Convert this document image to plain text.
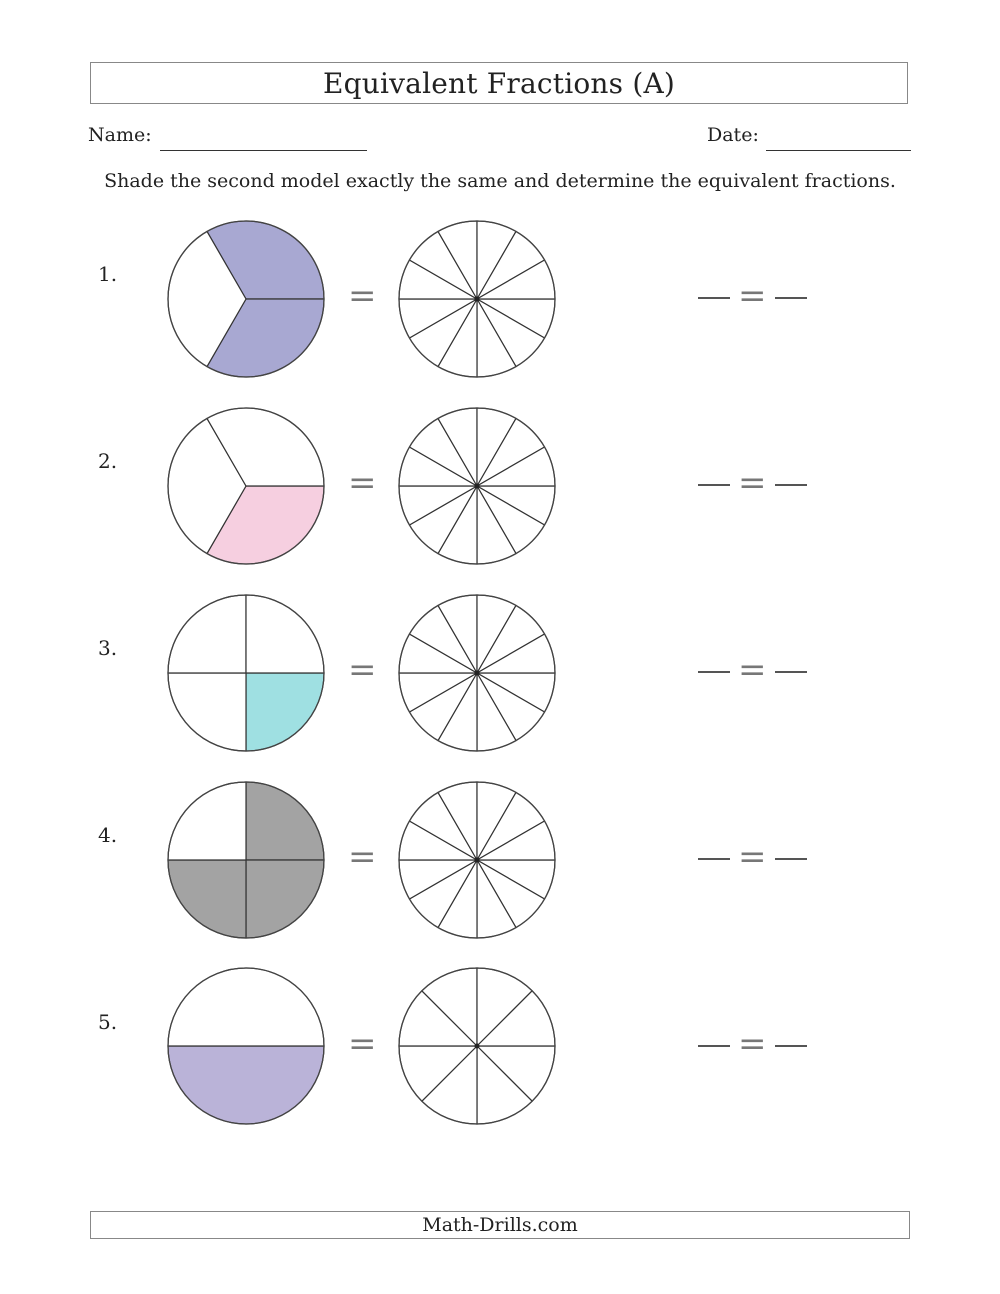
Equivalent Fractions (A)
Name:	Date:
Shade the second model exactly the same and determine the equivalent fractions.
1.
=	=
2.
=	=
3.
=	=
4.
=	=
5.
=	=
Math-Drills.com
